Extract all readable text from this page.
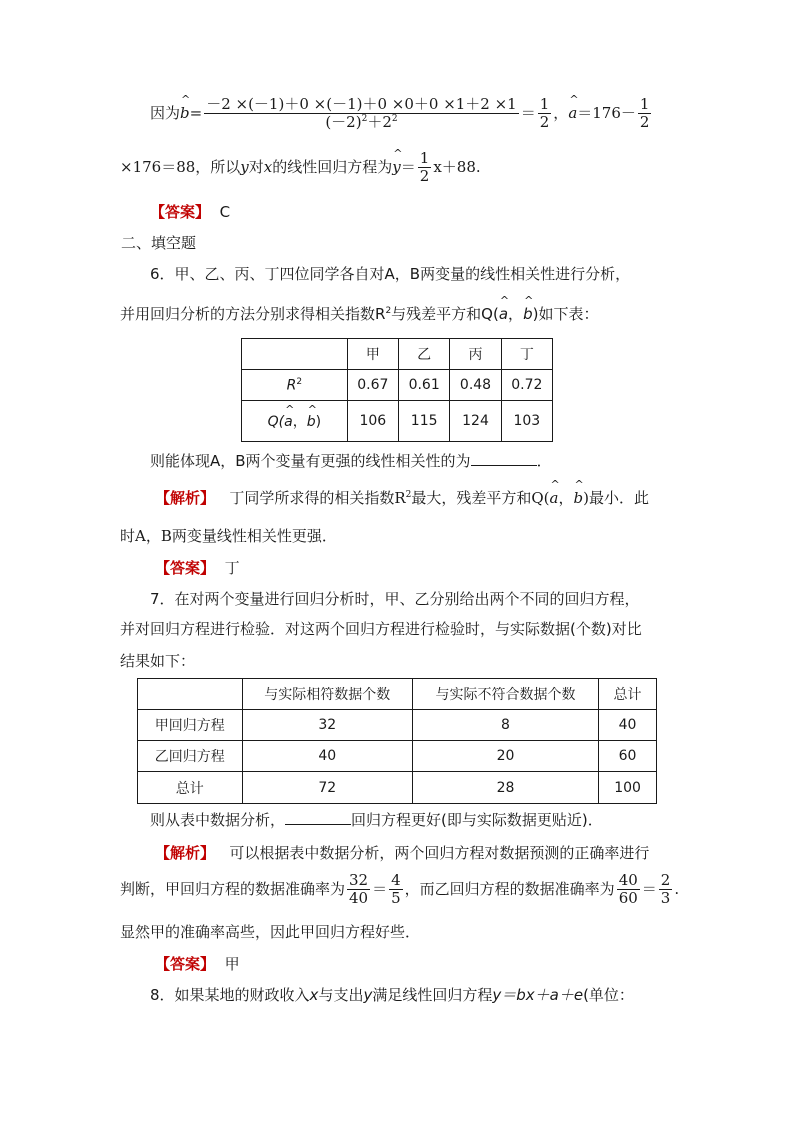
因为^ $b= \frac{-2 \times(-1)+0 \times(-1)+0 \times 0+0 \times 1+2 \times 1}{(-2)^2+2^2} = \frac{1}{2}$ ，^ $a=176- \frac{1}{2}$
×176＝88，所以y对x的线性回归方程为^ $y= \frac{1}{2} x+88$.
【答案】 C
二、填空题
6．甲、乙、丙、丁四位同学各自对A，B两变量的线性相关性进行分析，
并用回归分析的方法分别求得相关指数$R^2$与残差平方和Q(^ a，^ b)如下表：
	甲	乙	丙	丁
$R^2$	0.67	0.61	0.48	0.72
Q(^ a，^ b)	106	115	124	103
则能体现A，B两个变量有更强的线性相关性的为	．
【解析】 丁同学所求得的相关指数$R^2$最大，残差平方和Q(^ a，^ b)最小．此
时A，B两变量线性相关性更强．
【答案】 丁
7．在对两个变量进行回归分析时，甲、乙分别给出两个不同的回归方程，
并对回归方程进行检验．对这两个回归方程进行检验时，与实际数据(个数)对比
结果如下：
	与实际相符数据个数	与实际不符合数据个数	总计
甲回归方程	32	8	40
乙回归方程	40	20	60
总计	72	28	100
则从表中数据分析，	回归方程更好(即与实际数据更贴近)．
【解析】 可以根据表中数据分析，两个回归方程对数据预测的正确率进行
判断，甲回归方程的数据准确率为 $\frac{32}{40} = \frac{4}{5}$ ，而乙回归方程的数据准确率为 $\frac{40}{60} = \frac{2}{3}$ .
显然甲的准确率高些，因此甲回归方程好些．
【答案】 甲
8．如果某地的财政收入x与支出y满足线性回归方程y＝bx＋a＋e(单位：
